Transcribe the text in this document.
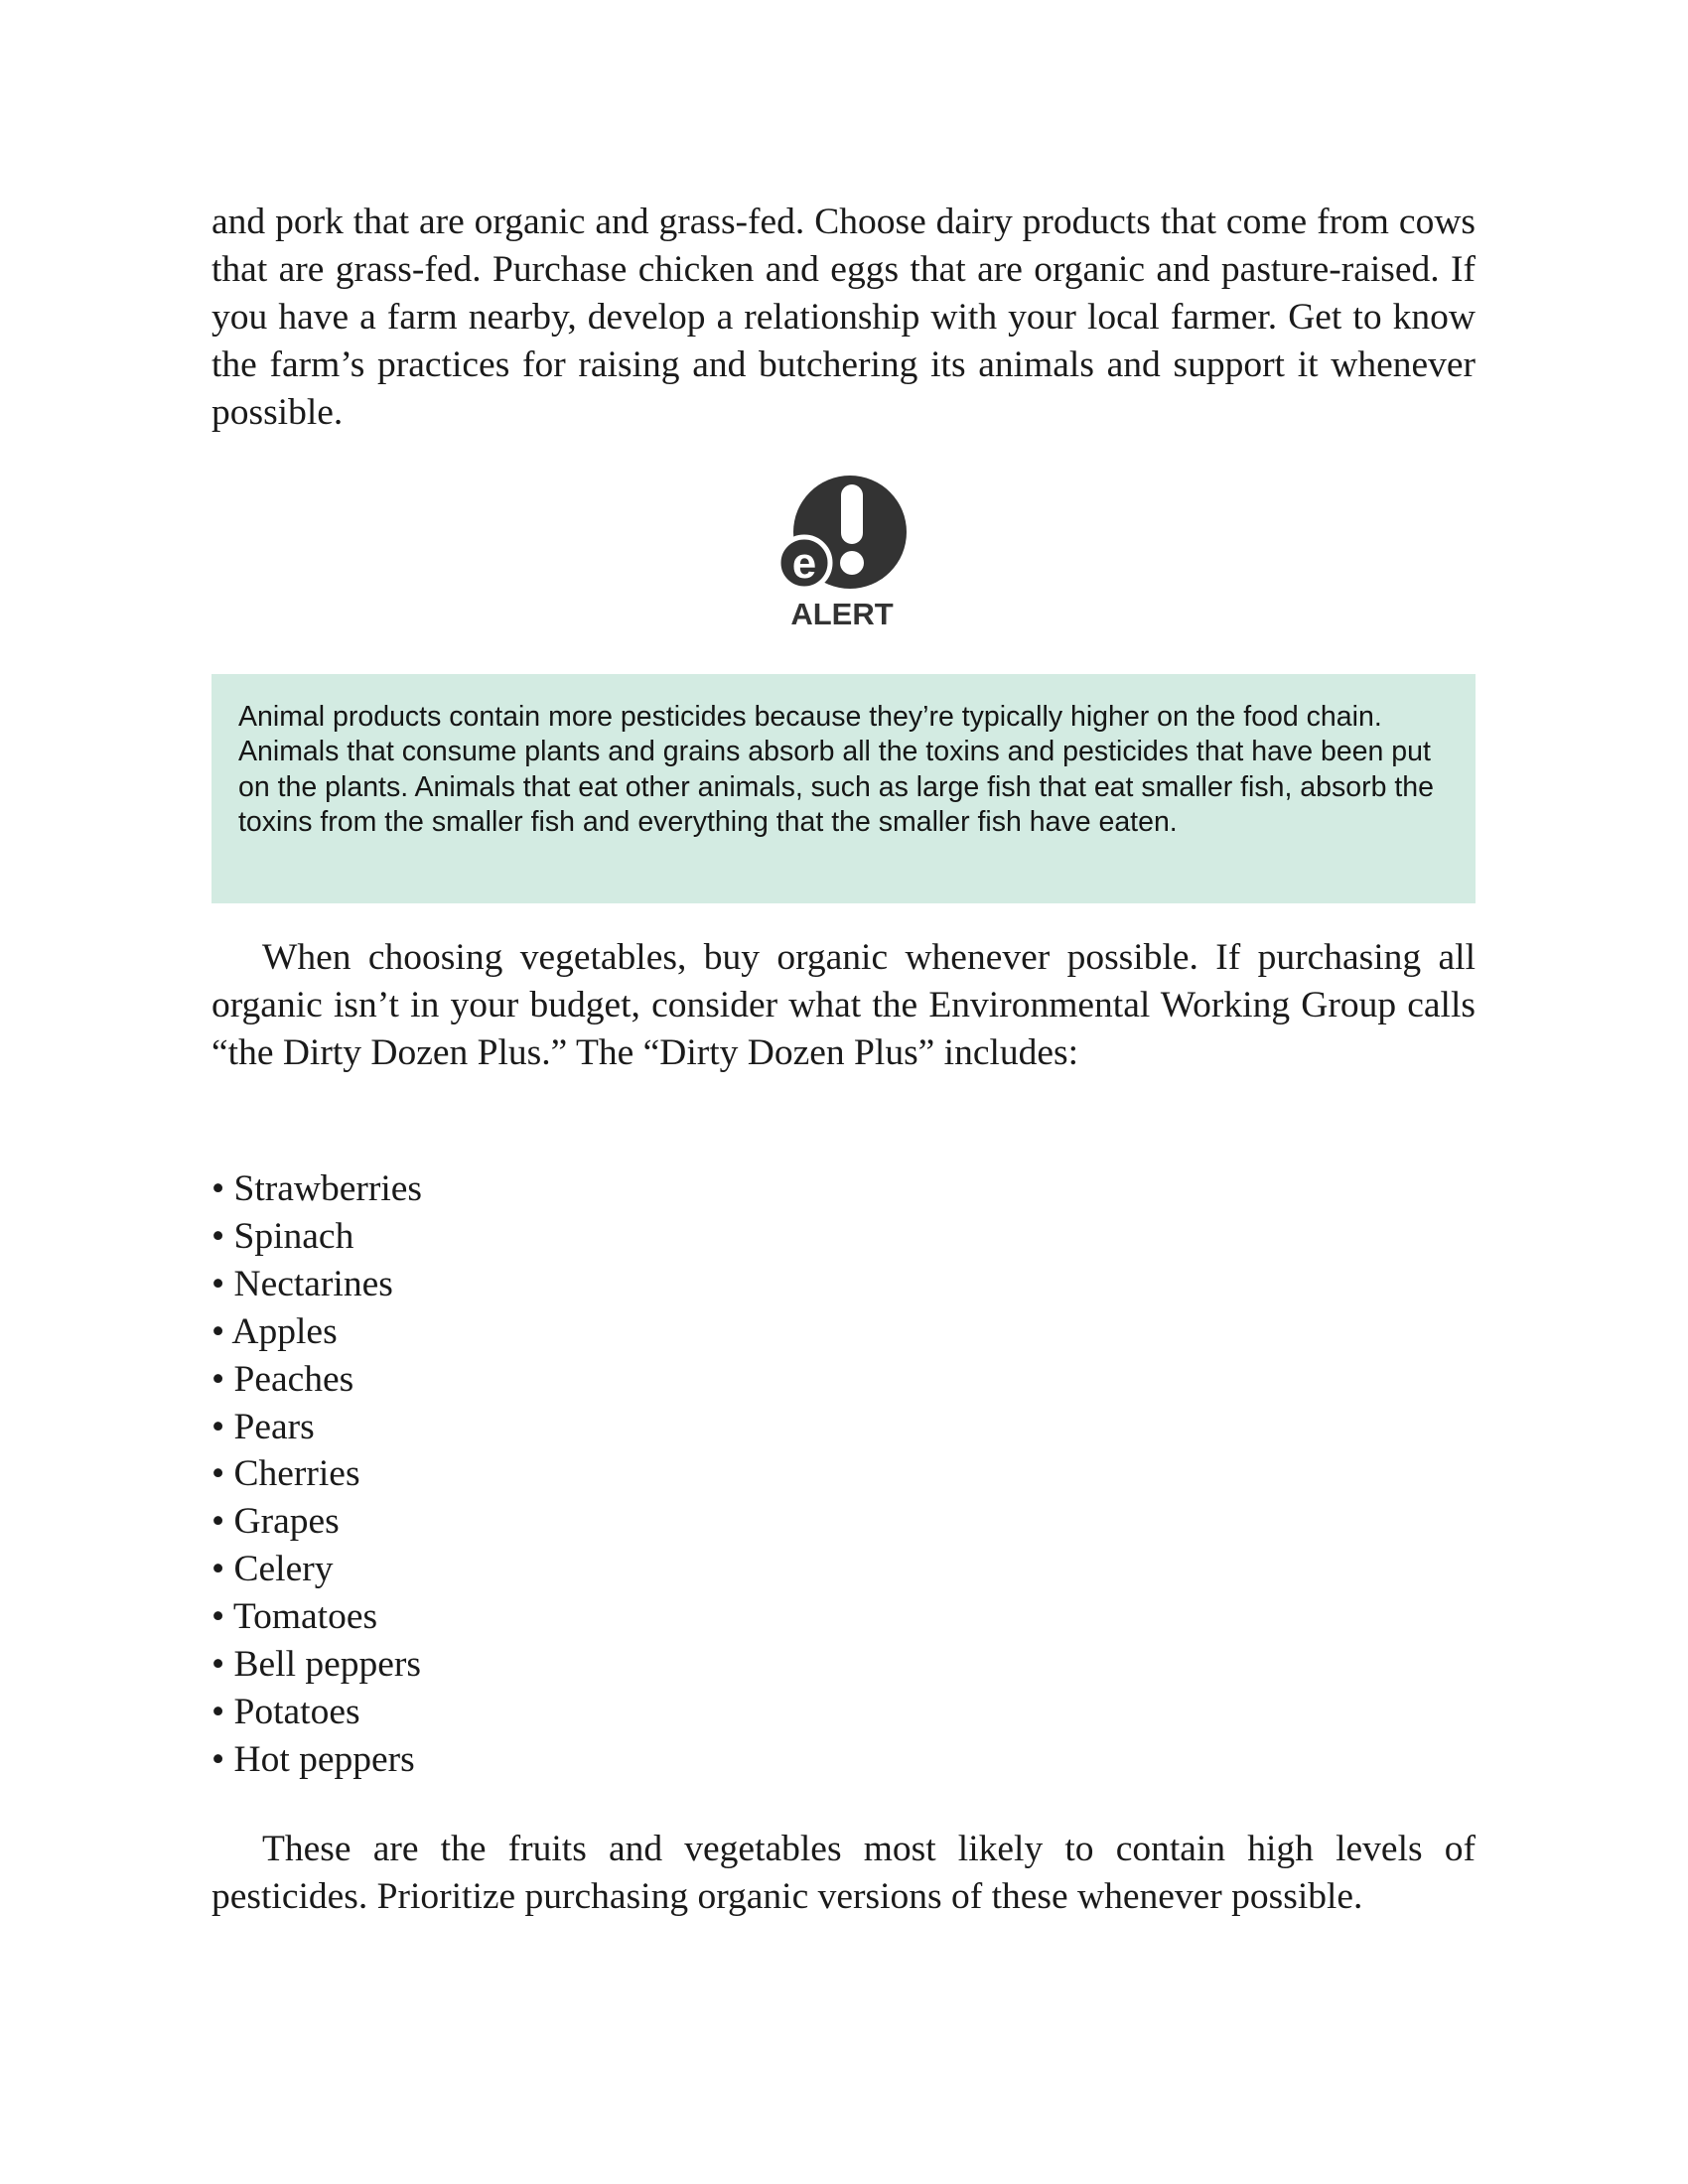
and pork that are organic and grass-fed. Choose dairy products that come from cows that are grass-fed. Purchase chicken and eggs that are organic and pasture-raised. If you have a farm nearby, develop a relationship with your local farmer. Get to know the farm’s practices for raising and butchering its animals and support it whenever possible.

e
ALERT

Animal products contain more pesticides because they’re typically higher on the food chain. Animals that consume plants and grains absorb all the toxins and pesticides that have been put on the plants. Animals that eat other animals, such as large fish that eat smaller fish, absorb the toxins from the smaller fish and everything that the smaller fish have eaten.

When choosing vegetables, buy organic whenever possible. If purchasing all organic isn’t in your budget, consider what the Environmental Working Group calls “the Dirty Dozen Plus.” The “Dirty Dozen Plus” includes:

• Strawberries
• Spinach
• Nectarines
• Apples
• Peaches
• Pears
• Cherries
• Grapes
• Celery
• Tomatoes
• Bell peppers
• Potatoes
• Hot peppers

These are the fruits and vegetables most likely to contain high levels of pesticides. Prioritize purchasing organic versions of these whenever possible.
